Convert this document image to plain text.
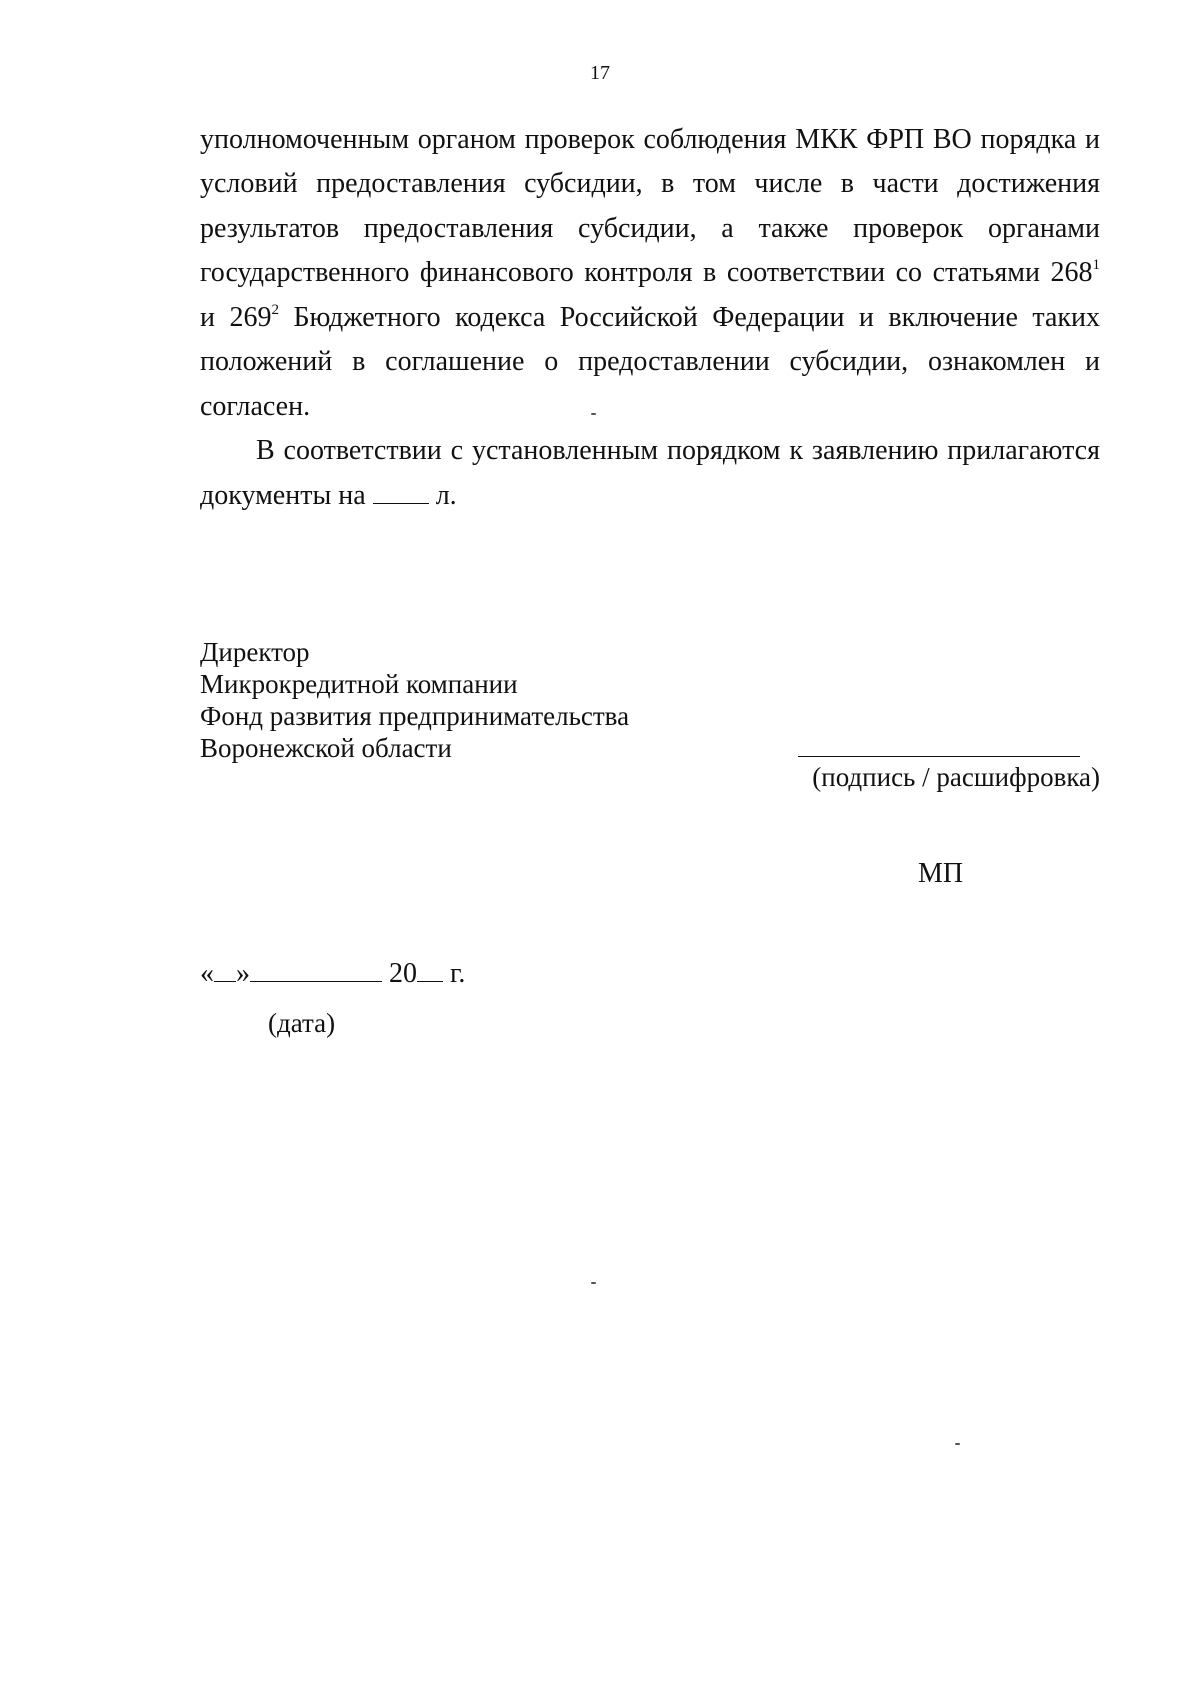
17
уполномоченным органом проверок соблюдения МКК ФРП ВО порядка и
условий предоставления субсидии, в том числе в части достижения
результатов предоставления субсидии, а также проверок органами
государственного финансового контроля в соответствии со статьями $268^1$
и $269^2$ Бюджетного кодекса Российской Федерации и включение таких
положений в соглашение о предоставлении субсидии, ознакомлен и
согласен.
В соответствии с установленным порядком к заявлению прилагаются
документы на	л.
Директор
Микрокредитной компании
Фонд развития предпринимательства
Воронежской области
(подпись / расшифровка)
МП
« »	20 г.
(дата)
